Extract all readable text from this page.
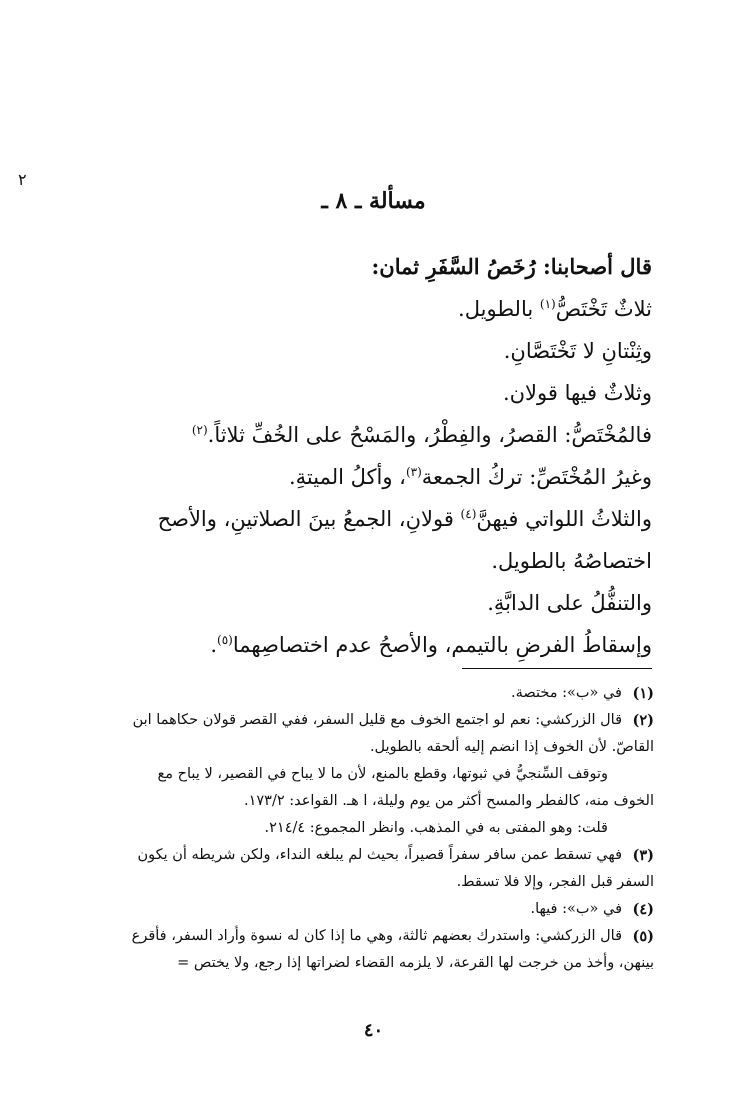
٢
مسألة ـ ٨ ـ
قال أصحابنا: رُخَصُ السَّفَرِ ثمان:
ثلاثٌ تَخْتَصُّ$^{(١)}$ بالطويل.
وثِنْتانِ لا تَخْتَصَّانِ.
وثلاثٌ فيها قولان.
فالمُخْتَصُّ: القصرُ، والفِطْرُ، والمَسْحُ على الخُفِّ ثلاثاً.$^{(٢)}$
وغيرُ المُخْتَصِّ: تركُ الجمعة$^{(٣)}$، وأكلُ الميتةِ.
والثلاثُ اللواتي فيهنَّ$^{(٤)}$ قولانِ، الجمعُ بينَ الصلاتينِ، والأصح
اختصاصُهُ بالطويل.
والتنفُّلُ على الدابَّةِ.
وإسقاطُ الفرضِ بالتيمم، والأصحُ عدم اختصاصِهما$^{(٥)}$.
(١)
في «ب»: مختصة.
(٢)
قال الزركشي: نعم لو اجتمع الخوف مع قليل السفر، ففي القصر قولان حكاهما ابن
القاصّ. لأن الخوف إذا انضم إليه ألحقه بالطويل.
وتوقف السِّنجيُّ في ثبوتها، وقطع بالمنع، لأن ما لا يباح في القصير، لا يباح مع
الخوف منه، كالفطر والمسح أكثر من يوم وليلة، ا هـ. القواعد: ١٧٣/٢.
قلت: وهو المفتى به في المذهب. وانظر المجموع: ٢١٤/٤.
(٣)
فهي تسقط عمن سافر سفراً قصيراً، بحيث لم يبلغه النداء، ولكن شريطه أن يكون
السفر قبل الفجر، وإلا فلا تسقط.
(٤)
في «ب»: فيها.
(٥)
قال الزركشي: واستدرك بعضهم ثالثة، وهي ما إذا كان له نسوة وأراد السفر، فأقرع
بينهن، وأخذ من خرجت لها القرعة، لا يلزمه القضاء لضراتها إذا رجع، ولا يختص =
٤٠
